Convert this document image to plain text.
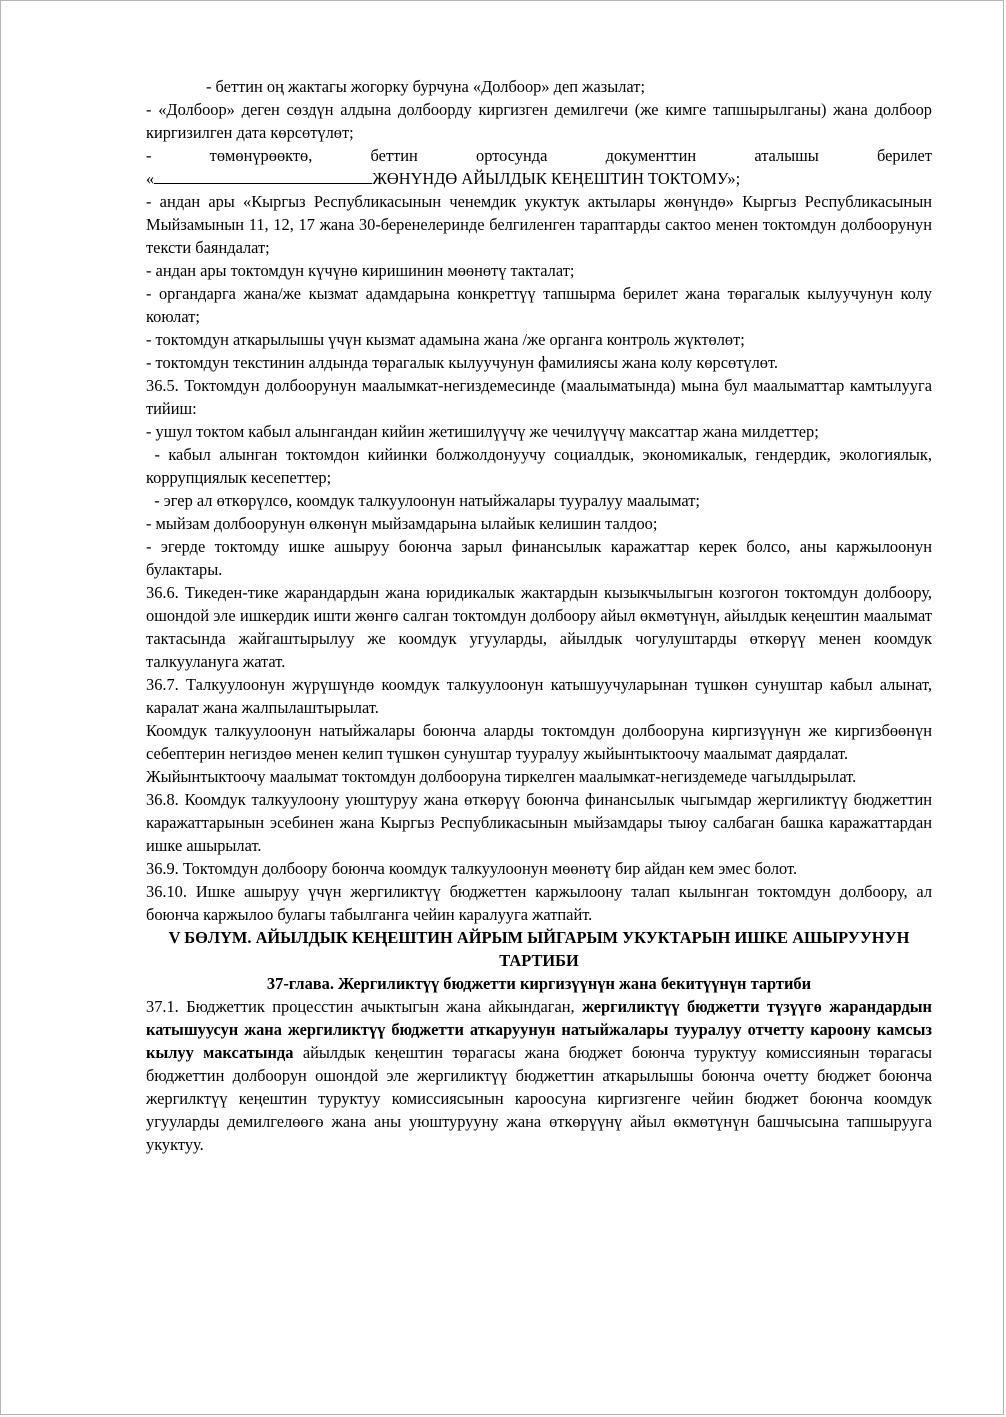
- беттин оң жактагы жогорку бурчуна «Долбоор» деп жазылат;

- «Долбоор» деген сөздүн алдына долбоорду киргизген демилгечи (же кимге тапшырылганы) жана долбоор киргизилген дата көрсөтүлөт;

- төмөнүрөөктө, беттин ортосунда документтин аталышы берилет

«	ЖӨНҮНДӨ АЙЫЛДЫК КЕҢЕШТИН ТОКТОМУ»;

- андан ары «Кыргыз Республикасынын ченемдик укуктук актылары жөнүндө» Кыргыз Республикасынын Мыйзамынын 11, 12, 17 жана 30-беренелеринде белгиленген тараптарды сактоо менен токтомдун долбоорунун тексти баяндалат;

- андан ары токтомдун күчүнө киришинин мөөнөтү такталат;

- органдарга жана/же кызмат адамдарына конкреттүү тапшырма берилет жана төрагалык кылуучунун колу коюлат;

- токтомдун аткарылышы үчүн кызмат адамына жана /же органга контроль жүктөлөт;

- токтомдун текстинин алдында төрагалык кылуучунун фамилиясы жана колу көрсөтүлөт.

36.5. Токтомдун долбоорунун маалымкат-негиздемесинде (маалыматында) мына бул маалыматтар камтылууга тийиш:

- ушул токтом кабыл алынгандан кийин жетишилүүчү же чечилүүчү максаттар жана милдеттер;

- кабыл алынган токтомдон кийинки болжолдонуучу социалдык, экономикалык, гендердик, экологиялык, коррупциялык кесепеттер;

- эгер ал өткөрүлсө, коомдук талкуулоонун натыйжалары тууралуу маалымат;

- мыйзам долбоорунун өлкөнүн мыйзамдарына ылайык келишин талдоо;

- эгерде токтомду ишке ашыруу боюнча зарыл финансылык каражаттар керек болсо, аны каржылоонун булактары.

36.6. Тикеден-тике жарандардын жана юридикалык жактардын кызыкчылыгын козгогон токтомдун долбоору, ошондой эле ишкердик ишти жөнгө салган токтомдун долбоору айыл өкмөтүнүн, айылдык кеңештин маалымат тактасында жайгаштырылуу же коомдук угууларды, айылдык чогулуштарды өткөрүү менен коомдук талкуулануга жатат.

36.7. Талкуулоонун жүрүшүндө коомдук талкуулоонун катышуучуларынан түшкөн сунуштар кабыл алынат, каралат жана жалпылаштырылат.

Коомдук талкуулоонун натыйжалары боюнча аларды токтомдун долбооруна киргизүүнүн же киргизбөөнүн себептерин негиздөө менен келип түшкөн сунуштар тууралуу жыйынтыктоочу маалымат даярдалат.

Жыйынтыктоочу маалымат токтомдун долбооруна тиркелген маалымкат-негиздемеде чагылдырылат.

36.8. Коомдук талкуулоону уюштуруу жана өткөрүү боюнча финансылык чыгымдар жергиликтүү бюджеттин каражаттарынын эсебинен жана Кыргыз Республикасынын мыйзамдары тыюу салбаган башка каражаттардан ишке ашырылат.

36.9. Токтомдун долбоору боюнча коомдук талкуулоонун мөөнөтү бир айдан кем эмес болот.

36.10. Ишке ашыруу үчүн жергиликтүү бюджеттен каржылоону талап кылынган токтомдун долбоору, ал боюнча каржылоо булагы табылганга чейин каралууга жатпайт.

V БӨЛҮМ. АЙЫЛДЫК КЕҢЕШТИН АЙРЫМ ЫЙГАРЫМ УКУКТАРЫН ИШКЕ АШЫРУУНУН ТАРТИБИ

37-глава. Жергиликтүү бюджетти киргизүүнүн жана бекитүүнүн тартиби

37.1. Бюджеттик процесстин ачыктыгын жана айкындаган, жергиликтүү бюджетти түзүүгө жарандардын катышуусун жана жергиликтүү бюджетти аткаруунун натыйжалары тууралуу отчетту кароону камсыз кылуу максатында айылдык кеңештин төрагасы жана бюджет боюнча туруктуу комиссиянын төрагасы бюджеттин долбоорун ошондой эле жергиликтүү бюджеттин аткарылышы боюнча очетту бюджет боюнча жергилктүү кеңештин туруктуу комиссиясынын кароосуна киргизгенге чейин бюджет боюнча коомдук угууларды демилгелөөгө жана аны уюштурууну жана өткөрүүнү айыл өкмөтүнүн башчысына тапшырууга укуктуу.
